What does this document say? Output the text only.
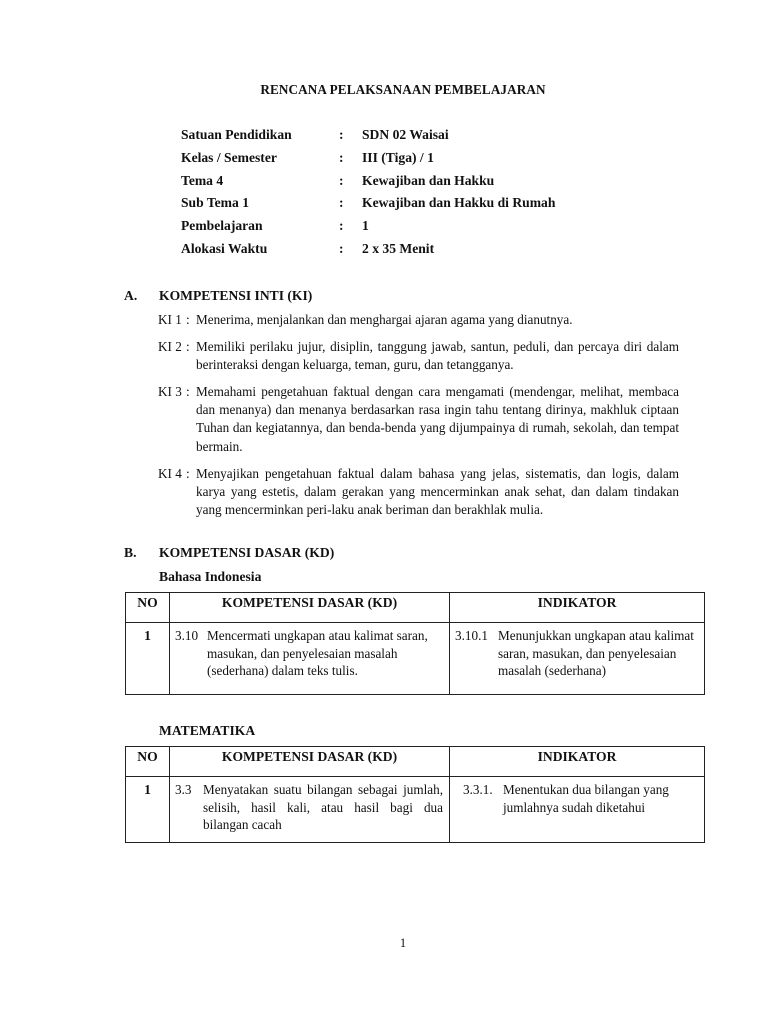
RENCANA PELAKSANAAN PEMBELAJARAN
Satuan Pendidikan	: SDN 02 Waisai
Kelas / Semester	: III (Tiga) / 1
Tema 4	: Kewajiban dan Hakku
Sub Tema 1	: Kewajiban dan Hakku di Rumah
Pembelajaran	: 1
Alokasi Waktu	: 2 x 35 Menit
A. KOMPETENSI INTI (KI)
KI 1 : Menerima, menjalankan dan menghargai ajaran agama yang dianutnya.
KI 2 : Memiliki perilaku jujur, disiplin, tanggung jawab, santun, peduli, dan percaya diri dalam berinteraksi dengan keluarga, teman, guru, dan tetangganya.
KI 3 : Memahami pengetahuan faktual dengan cara mengamati (mendengar, melihat, membaca dan menanya) dan menanya berdasarkan rasa ingin tahu tentang dirinya, makhluk ciptaan Tuhan dan kegiatannya, dan benda-benda yang dijumpainya di rumah, sekolah, dan tempat bermain.
KI 4 : Menyajikan pengetahuan faktual dalam bahasa yang jelas, sistematis, dan logis, dalam karya yang estetis, dalam gerakan yang mencerminkan anak sehat, dan dalam tindakan yang mencerminkan peri-laku anak beriman dan berakhlak mulia.
B. KOMPETENSI DASAR (KD)
Bahasa Indonesia
NO	KOMPETENSI DASAR (KD)	INDIKATOR
1	3.10 Mencermati ungkapan atau kalimat saran, masukan, dan penyelesaian masalah (sederhana) dalam teks tulis.	3.10.1 Menunjukkan ungkapan atau kalimat saran, masukan, dan penyelesaian masalah (sederhana)
MATEMATIKA
NO	KOMPETENSI DASAR (KD)	INDIKATOR
1	3.3 Menyatakan suatu bilangan sebagai jumlah, selisih, hasil kali, atau hasil bagi dua bilangan cacah	3.3.1. Menentukan dua bilangan yang jumlahnya sudah diketahui
1
